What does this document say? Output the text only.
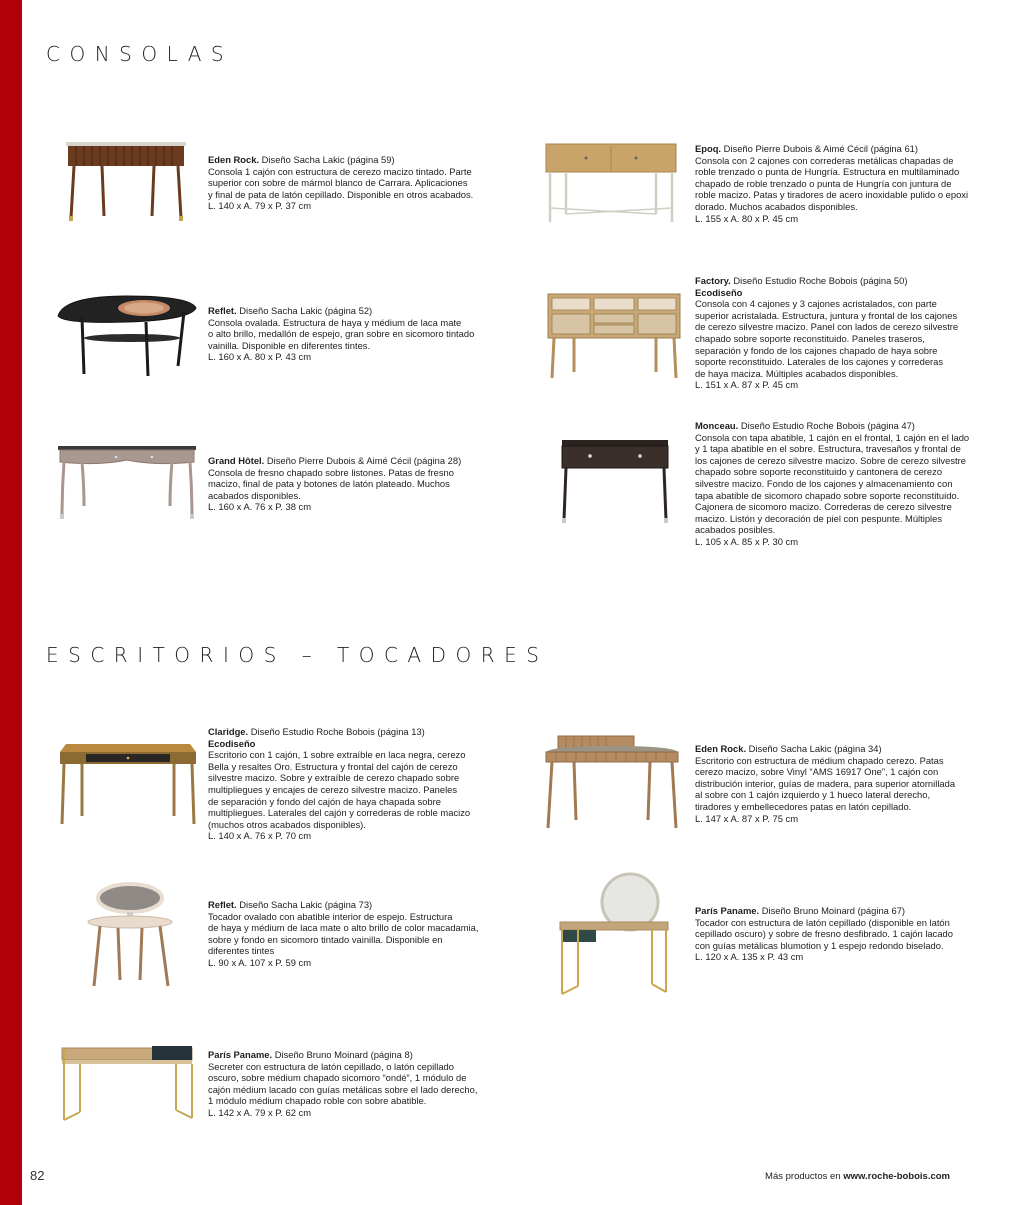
CONSOLAS
ESCRITORIOS – TOCADORES
Eden Rock. Diseño Sacha Lakic (página 59)
Consola 1 cajón con estructura de cerezo macizo tintado. Parte
superior con sobre de mármol blanco de Carrara. Aplicaciones
y final de pata de latón cepillado. Disponible en otros acabados.
L. 140 x A. 79 x P. 37 cm
Epoq. Diseño Pierre Dubois & Aimé Cécil (página 61)
Consola con 2 cajones con correderas metálicas chapadas de
roble trenzado o punta de Hungría. Estructura en multilaminado
chapado de roble trenzado o punta de Hungría con juntura de
roble macizo. Patas y tiradores de acero inoxidable pulido o epoxi
dorado. Muchos acabados disponibles.
L. 155 x A. 80 x P. 45 cm
Reflet. Diseño Sacha Lakic (página 52)
Consola ovalada. Estructura de haya y médium de laca mate
o alto brillo, medallón de espejo, gran sobre en sicomoro tintado
vainilla. Disponible en diferentes tintes.
L. 160 x A. 80 x P. 43 cm
Factory. Diseño Estudio Roche Bobois (página 50)
Ecodiseño
Consola con 4 cajones y 3 cajones acristalados, con parte
superior acristalada. Estructura, juntura y frontal de los cajones
de cerezo silvestre macizo. Panel con lados de cerezo silvestre
chapado sobre soporte reconstituido. Paneles traseros,
separación y fondo de los cajones chapado de haya sobre
soporte reconstituido. Laterales de los cajones y correderas
de haya maciza. Múltiples acabados disponibles.
L. 151 x A. 87 x P. 45 cm
Grand Hôtel. Diseño Pierre Dubois & Aimé Cécil (página 28)
Consola de fresno chapado sobre listones. Patas de fresno
macizo, final de pata y botones de latón plateado. Muchos
acabados disponibles.
L. 160 x A. 76 x P. 38 cm
Monceau. Diseño Estudio Roche Bobois (página 47)
Consola con tapa abatible, 1 cajón en el frontal, 1 cajón en el lado
y 1 tapa abatible en el sobre. Estructura, travesaños y frontal de
los cajones de cerezo silvestre macizo. Sobre de cerezo silvestre
chapado sobre soporte reconstituido y cantonera de cerezo
silvestre macizo. Fondo de los cajones y almacenamiento con
tapa abatible de sicomoro chapado sobre soporte reconstituido.
Cajonera de sicomoro macizo. Correderas de cerezo silvestre
macizo. Listón y decoración de piel con pespunte. Múltiples
acabados posibles.
L. 105 x A. 85 x P. 30 cm
Claridge. Diseño Estudio Roche Bobois (página 13)
Ecodiseño
Escritorio con 1 cajón, 1 sobre extraíble en laca negra, cerezo
Bella y resaltes Oro. Estructura y frontal del cajón de cerezo
silvestre macizo. Sobre y extraíble de cerezo chapado sobre
multipliegues y encajes de cerezo silvestre macizo. Paneles
de separación y fondo del cajón de haya chapada sobre
multipliegues. Laterales del cajón y correderas de roble macizo
(muchos otros acabados disponibles).
L. 140 x A. 76 x P. 70 cm
Eden Rock. Diseño Sacha Lakic (página 34)
Escritorio con estructura de médium chapado cerezo. Patas
cerezo macizo, sobre Vinyl “AMS 16917 One”, 1 cajón con
distribución interior, guías de madera, para superior atornillada
al sobre con 1 cajón izquierdo y 1 hueco lateral derecho,
tiradores y embellecedores patas en latón cepillado.
L. 147 x A. 87 x P. 75 cm
Reflet. Diseño Sacha Lakic (página 73)
Tocador ovalado con abatible interior de espejo. Estructura
de haya y médium de laca mate o alto brillo de color macadamia,
sobre y fondo en sicomoro tintado vainilla. Disponible en
diferentes tintes
L. 90 x A. 107 x P. 59 cm
París Paname. Diseño Bruno Moinard (página 67)
Tocador con estructura de latón cepillado (disponible en latón
cepillado oscuro) y sobre de fresno desfibrado. 1 cajón lacado
con guías metálicas blumotion y 1 espejo redondo biselado.
L. 120 x A. 135 x P. 43 cm
París Paname. Diseño Bruno Moinard (página 8)
Secreter con estructura de latón cepillado, o latón cepillado
oscuro, sobre médium chapado sicomoro “ondé”, 1 módulo de
cajón médium lacado con guías metálicas sobre el lado derecho,
1 módulo médium chapado roble con sobre abatible.
L. 142 x A. 79 x P. 62 cm
82	Más productos en www.roche-bobois.com
